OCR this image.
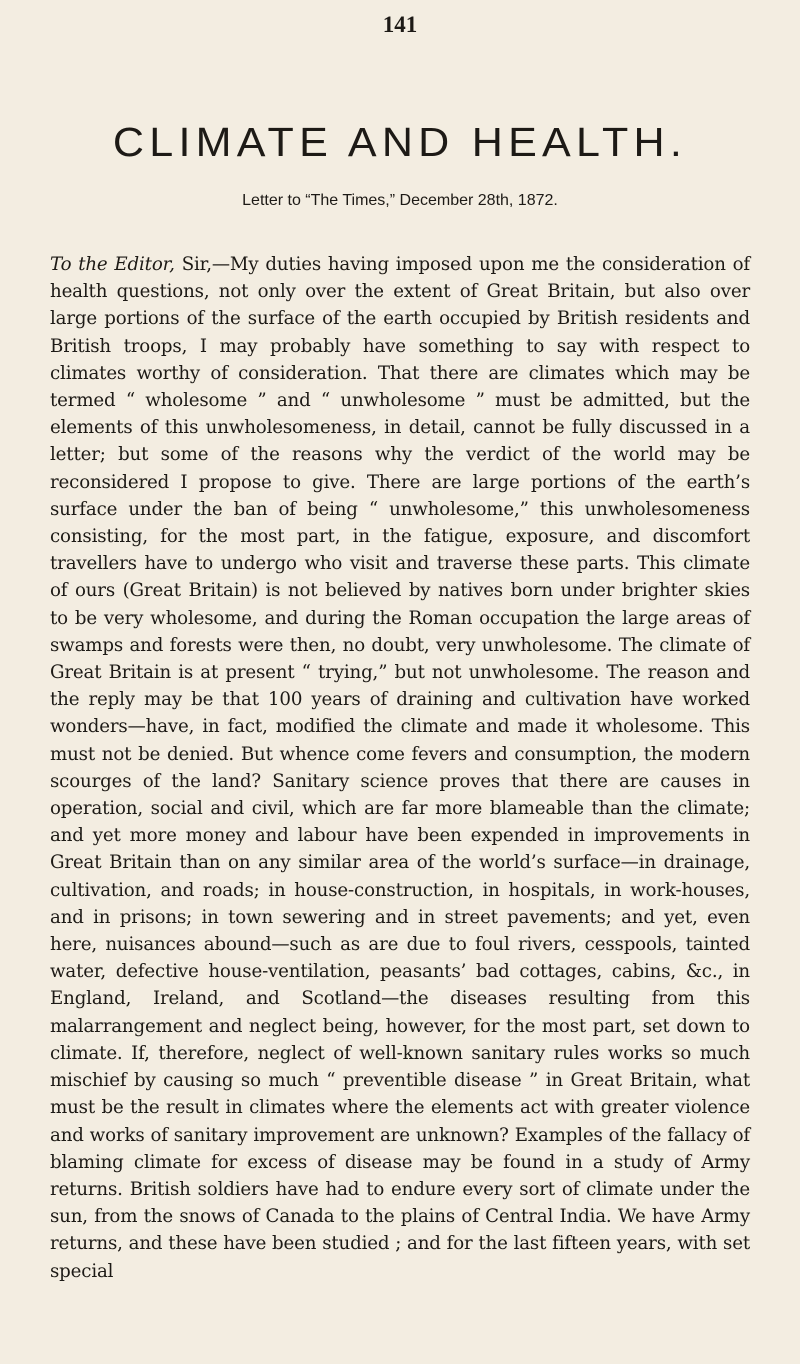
141
CLIMATE AND HEALTH.
Letter to “The Times,” December 28th, 1872.

To the Editor, Sir,—My duties having imposed upon me the consideration of health questions, not only over the extent of Great Britain, but also over large portions of the surface of the earth occupied by British residents and British troops, I may probably have something to say with respect to climates worthy of consideration. That there are climates which may be termed “ wholesome ” and “ unwholesome ” must be admitted, but the elements of this unwholesomeness, in detail, cannot be fully discussed in a letter; but some of the reasons why the verdict of the world may be reconsidered I propose to give. There are large portions of the earth’s surface under the ban of being “ unwholesome,” this unwholesomeness consisting, for the most part, in the fatigue, exposure, and discomfort travellers have to undergo who visit and traverse these parts. This climate of ours (Great Britain) is not believed by natives born under brighter skies to be very wholesome, and during the Roman occupation the large areas of swamps and forests were then, no doubt, very unwholesome. The climate of Great Britain is at present “ trying,” but not unwholesome. The reason and the reply may be that 100 years of draining and cultivation have worked wonders—have, in fact, modified the climate and made it wholesome. This must not be denied. But whence come fevers and consumption, the modern scourges of the land? Sanitary science proves that there are causes in operation, social and civil, which are far more blameable than the climate; and yet more money and labour have been expended in improvements in Great Britain than on any similar area of the world’s surface—in drainage, cultivation, and roads; in house-construction, in hospitals, in work-houses, and in prisons; in town sewering and in street pavements; and yet, even here, nuisances abound—such as are due to foul rivers, cesspools, tainted water, defective house-ventilation, peasants’ bad cottages, cabins, &c., in England, Ireland, and Scotland—the diseases resulting from this malarrangement and neglect being, however, for the most part, set down to climate. If, therefore, neglect of well-known sanitary rules works so much mischief by causing so much “ preventible disease ” in Great Britain, what must be the result in climates where the elements act with greater violence and works of sanitary improvement are unknown? Examples of the fallacy of blaming climate for excess of disease may be found in a study of Army returns. British soldiers have had to endure every sort of climate under the sun, from the snows of Canada to the plains of Central India. We have Army returns, and these have been studied ; and for the last fifteen years, with set special
